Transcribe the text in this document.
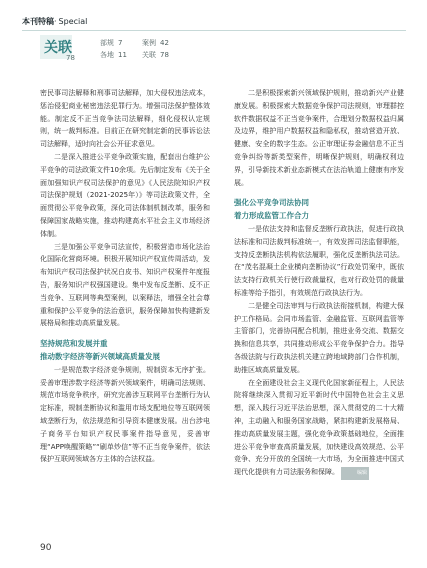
本刊特稿· Special
关联
78
部规 7
各地 11
案例 42
关联 78

密民事司法解释和刑事司法解释，加大侵权违法成本，惩治侵犯商业秘密违法犯罪行为。增强司法保护整体效能。制定反不正当竞争法司法解释，细化侵权认定规则，统一裁判标准。目前正在研究制定新的民事诉讼法司法解释，适时向社会公开征求意见。

二是深入推进公平竞争政策实施，配套出台维护公平竞争的司法政策文件10余项。先后制定发布《关于全面加强知识产权司法保护的意见》《人民法院知识产权司法保护规划（2021-2025年）》等司法政策文件，全面贯彻公平竞争政策，深化司法体制机制改革，服务和保障国家战略实施，推动构建高水平社会主义市场经济体制。

三是加强公平竞争司法宣传，积极营造市场化法治化国际化营商环境。积极开展知识产权宣传周活动，发布知识产权司法保护状况白皮书、知识产权案件年度报告，服务知识产权强国建设。集中发布反垄断、反不正当竞争、互联网等典型案例，以案释法，增强全社会尊重和保护公平竞争的法治意识，服务保障加快构建新发展格局和推动高质量发展。

坚持规范和发展并重
推动数字经济等新兴领域高质量发展

一是规范数字经济竞争规则，规制资本无序扩张。妥善审理涉数字经济等新兴领域案件，明确司法规则、规范市场竞争秩序，研究完善涉互联网平台垄断行为认定标准，规制垄断协议和滥用市场支配地位等互联网领域垄断行为，依法规范和引导资本健康发展。出台涉电子商务平台知识产权民事案件指导意见，妥善审理“APP唤醒策略”“刷单炒信”等不正当竞争案件，依法保护互联网领域各方主体的合法权益。

二是积极探索新兴领域保护规则，推动新兴产业健康发展。积极探索大数据竞争保护司法规则，审理群控软件数据权益不正当竞争案件，合理划分数据权益归属及边界，维护用户数据权益和隐私权，推动营造开放、健康、安全的数字生态。公正审理证券金融信息不正当竞争纠纷等新类型案件，明晰保护规则，明确权利边界，引导新技术新业态新模式在法治轨道上健康有序发展。

强化公平竞争司法协同
着力形成监管工作合力

一是依法支持和监督反垄断行政执法，促进行政执法标准和司法裁判标准统一，有效发挥司法监督职能，支持反垄断执法机构依法履职，强化反垄断执法司法。在“茂名混凝土企业横向垄断协议”行政处罚案中，既依法支持行政机关行使行政裁量权，也对行政处罚的裁量标准等给予指引，有效规范行政执法行为。

二是健全司法审判与行政执法衔接机制，构建大保护工作格局。会同市场监管、金融监管、互联网监管等主管部门，完善协同配合机制，推进业务交流、数据交换和信息共享，共同推动形成公平竞争保护合力。指导各级法院与行政执法机关建立跨地域跨部门合作机制，助推区域高质量发展。

在全面建设社会主义现代化国家新征程上，人民法院将继续深入贯彻习近平新时代中国特色社会主义思想，深入践行习近平法治思想，深入贯彻党的二十大精神，主动融入和服务国家战略，紧扣构建新发展格局、推动高质量发展主题，强化竞争政策基础地位，全面推进公平竞争审查高质量发展，加快建设高效规范、公平竞争、充分开放的全国统一大市场，为全面推进中国式现代化提供有力司法服务和保障。	编辑

90
